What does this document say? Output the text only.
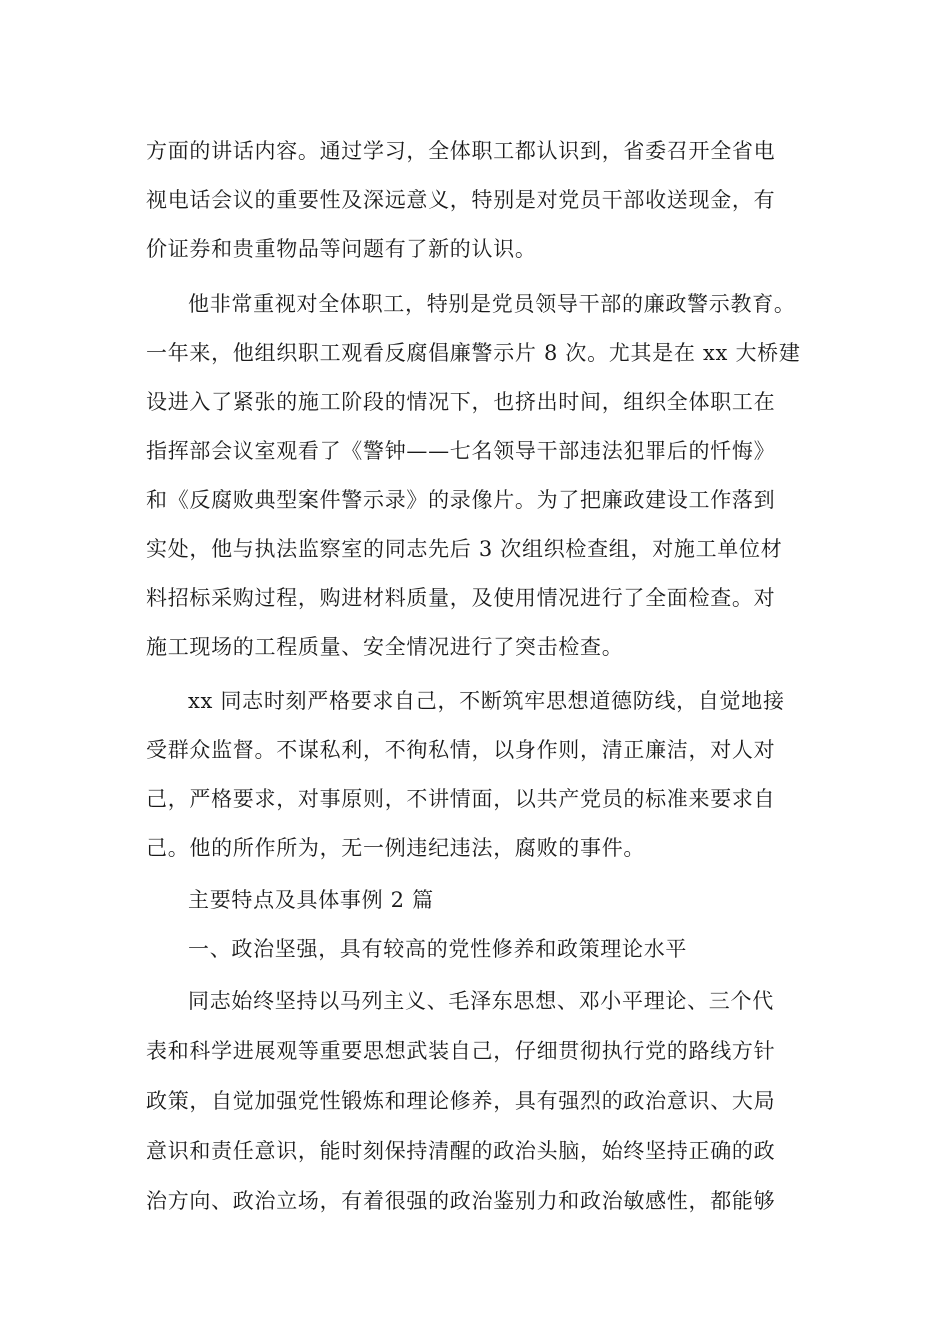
方面的讲话内容。通过学习，全体职工都认识到，省委召开全省电
视电话会议的重要性及深远意义，特别是对党员干部收送现金，有
价证券和贵重物品等问题有了新的认识。
他非常重视对全体职工，特别是党员领导干部的廉政警示教育。
一年来，他组织职工观看反腐倡廉警示片 8 次。尤其是在 xx 大桥建
设进入了紧张的施工阶段的情况下，也挤出时间，组织全体职工在
指挥部会议室观看了《警钟——七名领导干部违法犯罪后的忏悔》
和《反腐败典型案件警示录》的录像片。为了把廉政建设工作落到
实处，他与执法监察室的同志先后 3 次组织检查组，对施工单位材
料招标采购过程，购进材料质量，及使用情况进行了全面检查。对
施工现场的工程质量、安全情况进行了突击检查。
xx 同志时刻严格要求自己，不断筑牢思想道德防线，自觉地接
受群众监督。不谋私利，不徇私情，以身作则，清正廉洁，对人对
己，严格要求，对事原则，不讲情面，以共产党员的标准来要求自
己。他的所作所为，无一例违纪违法，腐败的事件。
主要特点及具体事例 2 篇
一、政治坚强，具有较高的党性修养和政策理论水平
同志始终坚持以马列主义、毛泽东思想、邓小平理论、三个代
表和科学进展观等重要思想武装自己，仔细贯彻执行党的路线方针
政策，自觉加强党性锻炼和理论修养，具有强烈的政治意识、大局
意识和责任意识，能时刻保持清醒的政治头脑，始终坚持正确的政
治方向、政治立场，有着很强的政治鉴别力和政治敏感性，都能够
